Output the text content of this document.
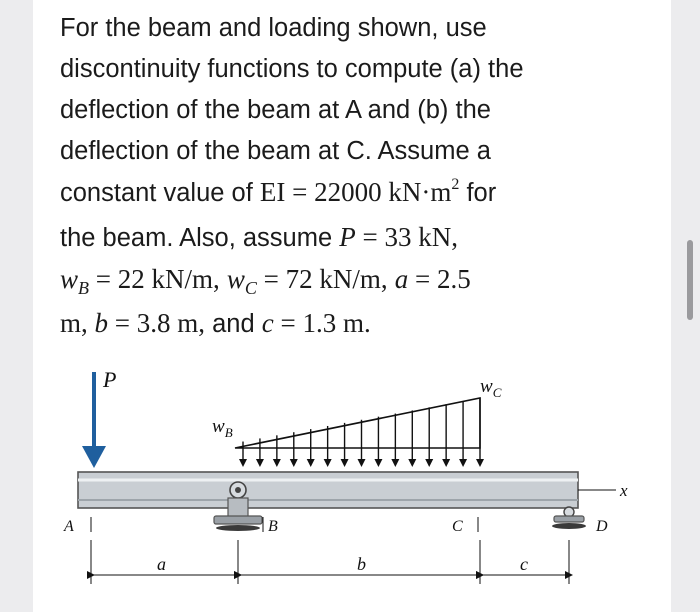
For the beam and loading shown, use
discontinuity functions to compute (a) the
deflection of the beam at A and (b) the
deflection of the beam at C. Assume a
constant value of EI = 22000 $kN\cdot m^2$ for
the beam. Also, assume P = 33 kN,
$w_B = 22$ kN/m, $w_C = 72$ kN/m, a = 2.5
m, b = 3.8 m, and c = 1.3 m.
P	$w_C$
$w_B$
x
A	B	C	D
a	b	c
